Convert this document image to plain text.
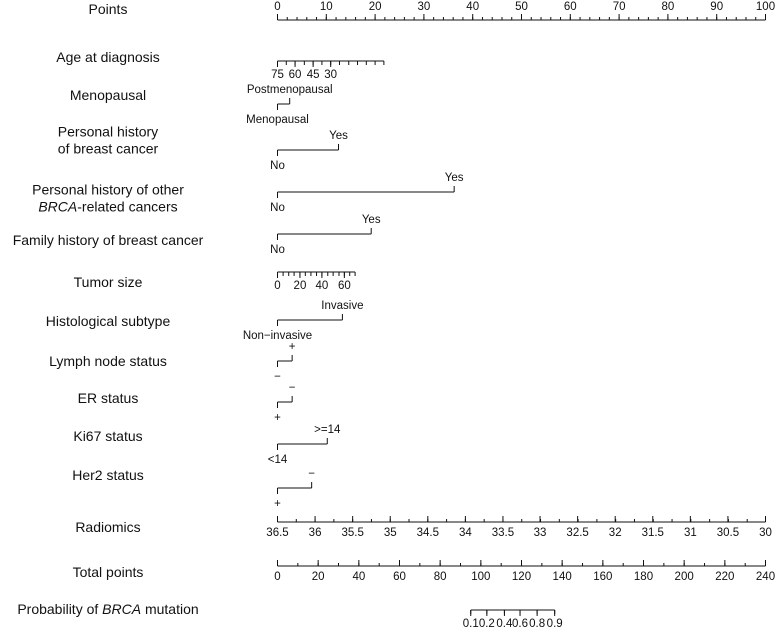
Points	0	10	20	30	40	50	60	70	80	90	100
Age at diagnosis
75 60 45 30
Menopausal
Menopausal
Postmenopausal
Personal history
of breast cancer
No
Yes
Personal history of other
BRCA-related cancers	No
Yes
Family history of breast cancer
No
Yes
Tumor size	0 20 40 60
Histological subtype
Non−invasive
Invasive
Lymph node status
−
+
ER status
+
−
Ki67 status
<14
>=14
Her2 status
+
−
Radiomics	36.5 36 35.5 35 34.5 34 33.5 33 32.5 32 31.5 31 30.5 30
Total points	0	20 40 60 80 100 120 140 160 180 200 220 240
Probability of BRCA mutation
0.1 0.2 0.4 0.6 0.8 0.9
